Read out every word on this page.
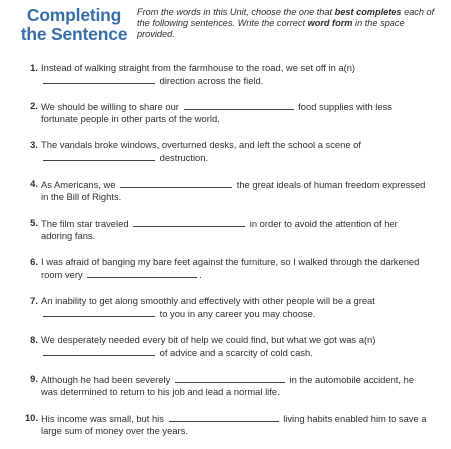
Completing
the Sentence
From the words in this Unit, choose the one that best completes each of the following sentences. Write the correct word form in the space provided.
1. Instead of walking straight from the farmhouse to the road, we set off in a(n)
direction across the field.
2. We should be willing to share our	food supplies with less fortunate people in other parts of the world.
3. The vandals broke windows, overturned desks, and left the school a scene of
destruction.
4. As Americans, we	the great ideals of human freedom expressed in the Bill of Rights.
5. The film star traveled	in order to avoid the attention of her adoring fans.
6. I was afraid of banging my bare feet against the furniture, so I walked through the darkened room very	.
7. An inability to get along smoothly and effectively with other people will be a great
to you in any career you may choose.
8. We desperately needed every bit of help we could find, but what we got was a(n)
of advice and a scarcity of cold cash.
9. Although he had been severely	in the automobile accident, he was determined to return to his job and lead a normal life.
10. His income was small, but his	living habits enabled him to save a large sum of money over the years.
